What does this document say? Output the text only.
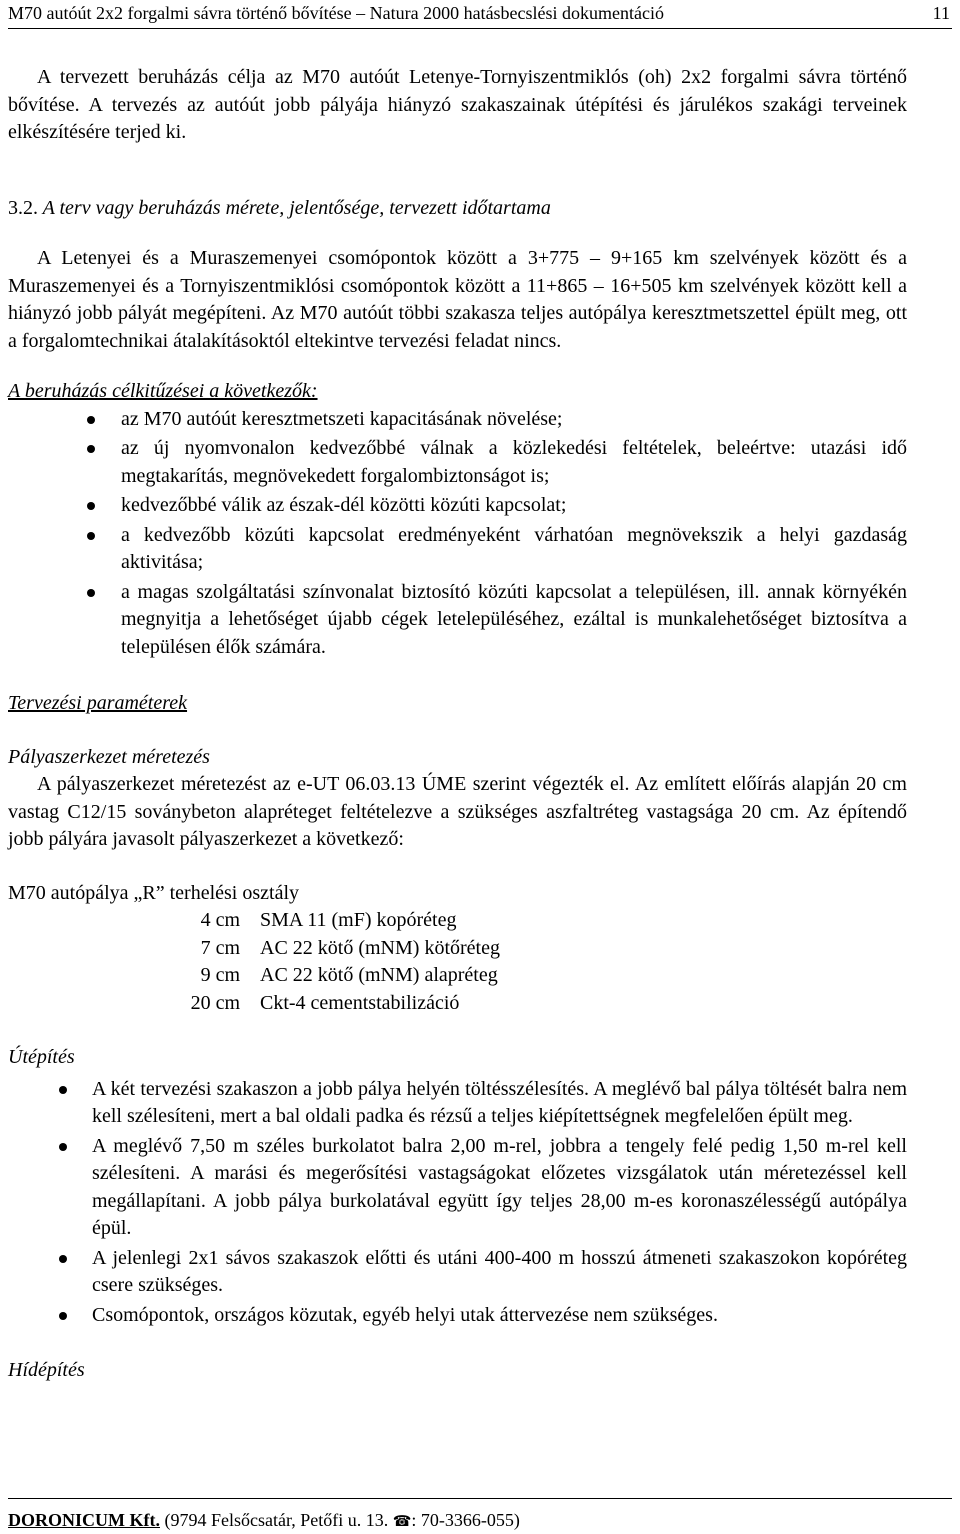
M70 autóút 2x2 forgalmi sávra történő bővítése – Natura 2000 hatásbecslési dokumentáció	11

A tervezett beruházás célja az M70 autóút Letenye-Tornyiszentmiklós (oh) 2x2 forgalmi sávra történő bővítése. A tervezés az autóút jobb pályája hiányzó szakaszainak útépítési és járulékos szakági terveinek elkészítésére terjed ki.

3.2. A terv vagy beruházás mérete, jelentősége, tervezett időtartama

A Letenyei és a Muraszemenyei csomópontok között a 3+775 – 9+165 km szelvények között és a Muraszemenyei és a Tornyiszentmiklósi csomópontok között a 11+865 – 16+505 km szelvények között kell a hiányzó jobb pályát megépíteni. Az M70 autóút többi szakasza teljes autópálya keresztmetszettel épült meg, ott a forgalomtechnikai átalakításoktól eltekintve tervezési feladat nincs.

A beruházás célkitűzései a következők:

az M70 autóút keresztmetszeti kapacitásának növelése;
az új nyomvonalon kedvezőbbé válnak a közlekedési feltételek, beleértve: utazási idő megtakarítás, megnövekedett forgalombiztonságot is;
kedvezőbbé válik az észak-dél közötti közúti kapcsolat;
a kedvezőbb közúti kapcsolat eredményeként várhatóan megnövekszik a helyi gazdaság aktivitása;
a magas szolgáltatási színvonalat biztosító közúti kapcsolat a településen, ill. annak környékén megnyitja a lehetőséget újabb cégek letelepüléséhez, ezáltal is munkalehetőséget biztosítva a településen élők számára.

Tervezési paraméterek

Pályaszerkezet méretezés

A pályaszerkezet méretezést az e-UT 06.03.13 ÚME szerint végezték el. Az említett előírás alapján 20 cm vastag C12/15 soványbeton alapréteget feltételezve a szükséges aszfaltréteg vastagsága 20 cm. Az építendő jobb pályára javasolt pályaszerkezet a következő:

M70 autópálya „R” terhelési osztály

4 cm	SMA 11 (mF) kopóréteg
7 cm	AC 22 kötő (mNM) kötőréteg
9 cm	AC 22 kötő (mNM) alapréteg
20 cm	Ckt-4 cementstabilizáció

Útépítés

A két tervezési szakaszon a jobb pálya helyén töltésszélesítés. A meglévő bal pálya töltését balra nem kell szélesíteni, mert a bal oldali padka és rézsű a teljes kiépítettségnek megfelelően épült meg.
A meglévő 7,50 m széles burkolatot balra 2,00 m-rel, jobbra a tengely felé pedig 1,50 m-rel kell szélesíteni. A marási és megerősítési vastagságokat előzetes vizsgálatok után méretezéssel kell megállapítani. A jobb pálya burkolatával együtt így teljes 28,00 m-es koronaszélességű autópálya épül.
A jelenlegi 2x1 sávos szakaszok előtti és utáni 400-400 m hosszú átmeneti szakaszokon kopóréteg csere szükséges.
Csomópontok, országos közutak, egyéb helyi utak áttervezése nem szükséges.

Hídépítés

DORONICUM Kft. (9794 Felsőcsatár, Petőfi u. 13. ☎: 70-3366-055)
